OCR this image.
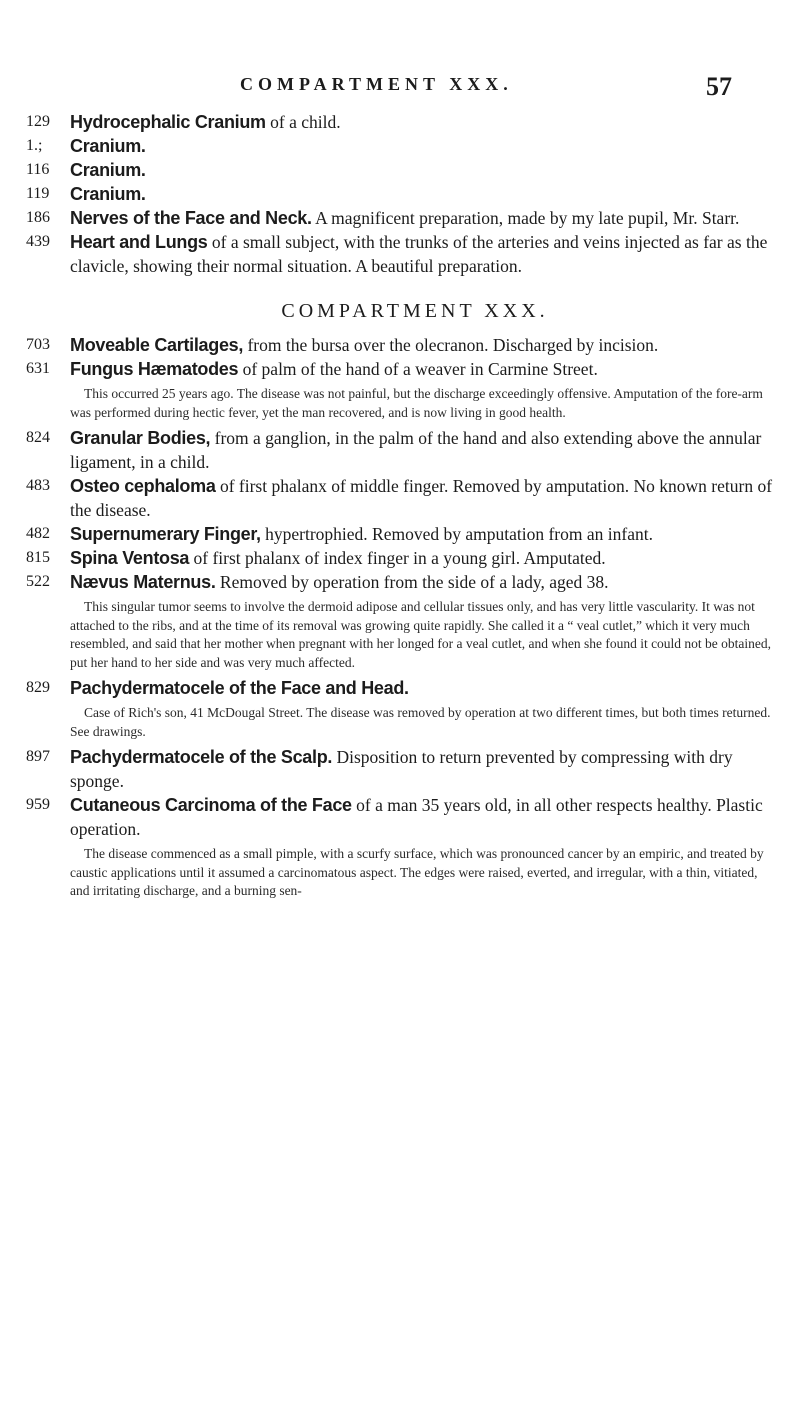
COMPARTMENT XXX.	57
129	Hydrocephalic Cranium of a child.
1.;	Cranium.
116	Cranium.
119	Cranium.
186	Nerves of the Face and Neck. A magnificent preparation, made by my late pupil, Mr. Starr.
439	Heart and Lungs of a small subject, with the trunks of the arteries and veins injected as far as the clavicle, showing their normal situation. A beautiful preparation.
COMPARTMENT XXX.
703	Moveable Cartilages, from the bursa over the olecranon. Discharged by incision.
631	Fungus Hæmatodes of palm of the hand of a weaver in Carmine Street.
This occurred 25 years ago. The disease was not painful, but the discharge exceedingly offensive. Amputation of the fore-arm was performed during hectic fever, yet the man recovered, and is now living in good health.
824	Granular Bodies, from a ganglion, in the palm of the hand and also extending above the annular ligament, in a child.
483	Osteo cephaloma of first phalanx of middle finger. Removed by amputation. No known return of the disease.
482	Supernumerary Finger, hypertrophied. Removed by amputation from an infant.
815	Spina Ventosa of first phalanx of index finger in a young girl. Amputated.
522	Nævus Maternus. Removed by operation from the side of a lady, aged 38.
This singular tumor seems to involve the dermoid adipose and cellular tissues only, and has very little vascularity. It was not attached to the ribs, and at the time of its removal was growing quite rapidly. She called it a “ veal cutlet,” which it very much resembled, and said that her mother when pregnant with her longed for a veal cutlet, and when she found it could not be obtained, put her hand to her side and was very much affected.
829	Pachydermatocele of the Face and Head.
Case of Rich's son, 41 McDougal Street. The disease was removed by operation at two different times, but both times returned. See drawings.
897	Pachydermatocele of the Scalp. Disposition to return prevented by compressing with dry sponge.
959	Cutaneous Carcinoma of the Face of a man 35 years old, in all other respects healthy. Plastic operation.
The disease commenced as a small pimple, with a scurfy surface, which was pronounced cancer by an empiric, and treated by caustic applications until it assumed a carcinomatous aspect. The edges were raised, everted, and irregular, with a thin, vitiated, and irritating discharge, and a burning sen-
